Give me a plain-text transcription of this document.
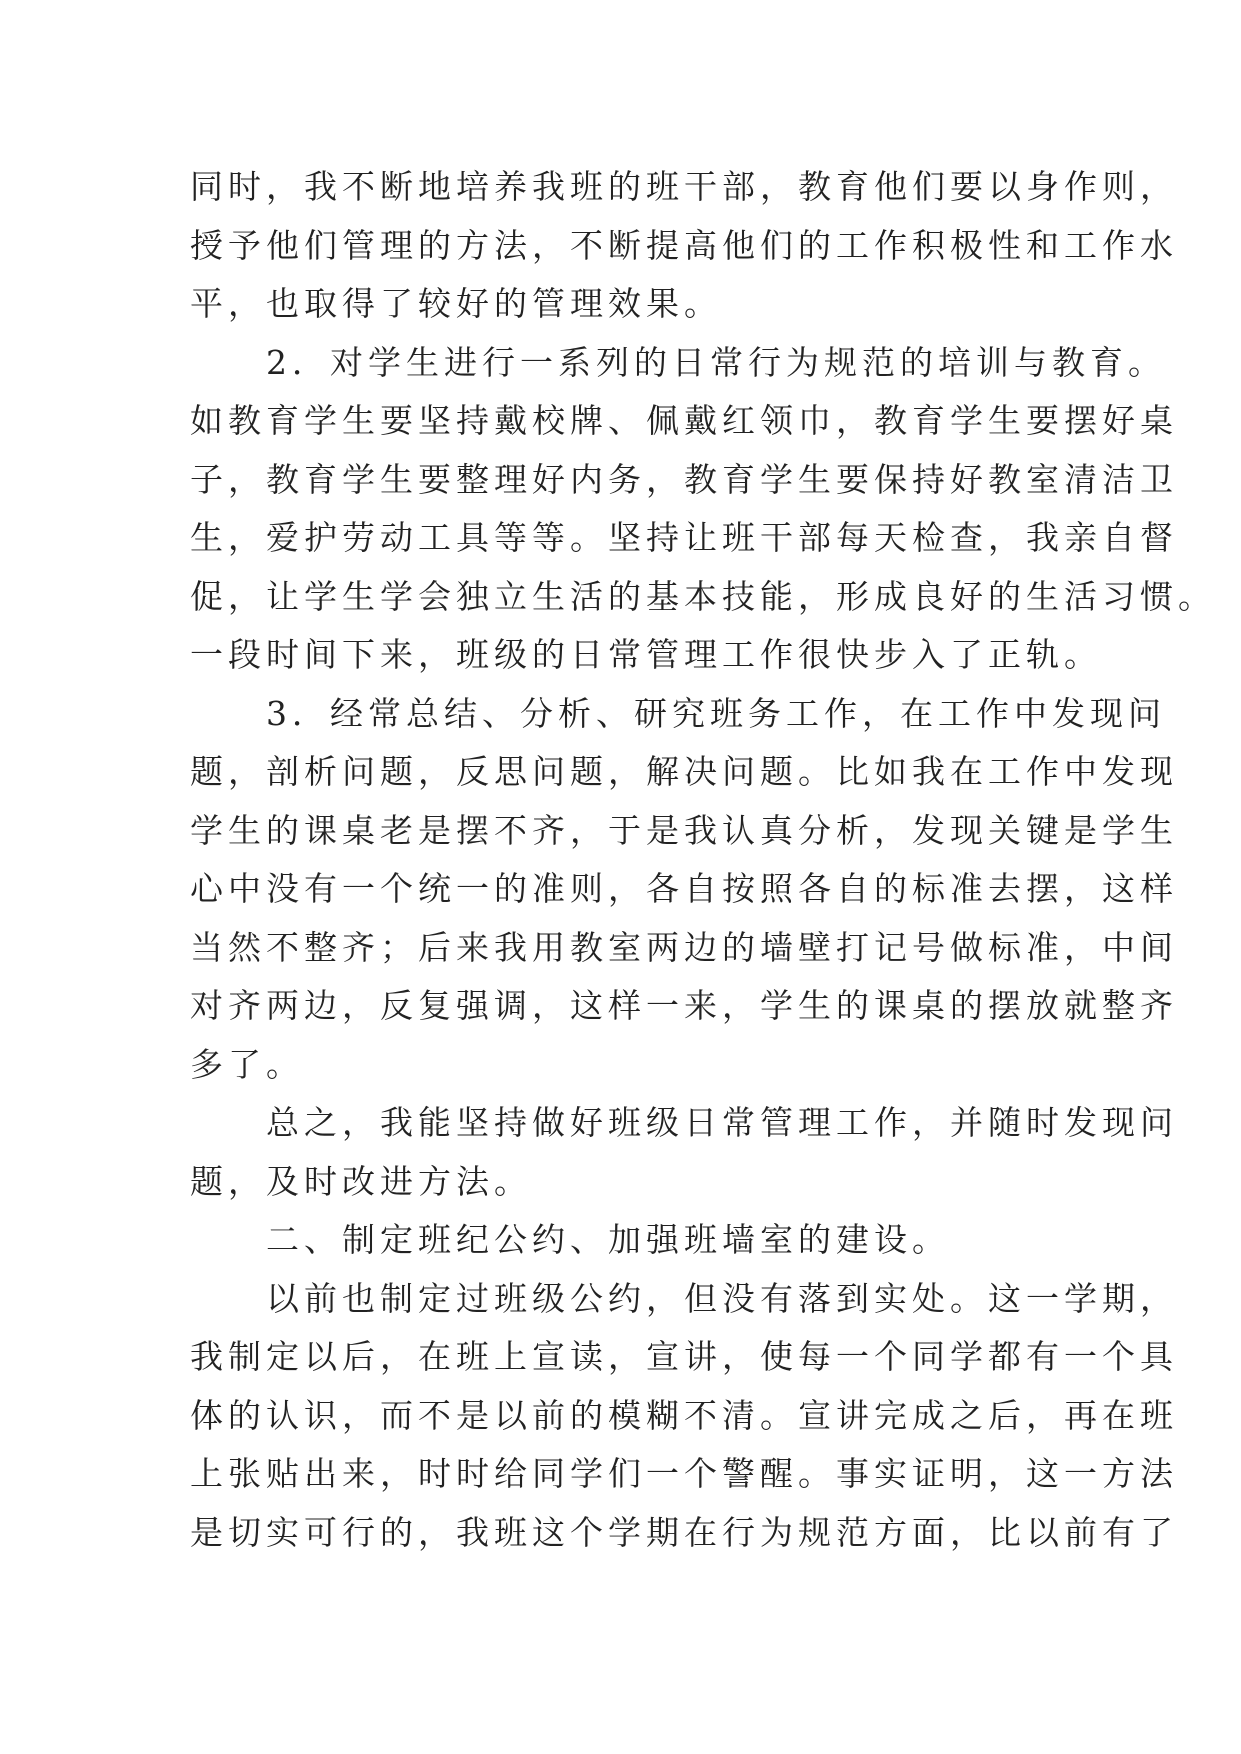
同时，我不断地培养我班的班干部，教育他们要以身作则，
授予他们管理的方法，不断提高他们的工作积极性和工作水
平，也取得了较好的管理效果。
　　2．对学生进行一系列的日常行为规范的培训与教育。
如教育学生要坚持戴校牌、佩戴红领巾，教育学生要摆好桌
子，教育学生要整理好内务，教育学生要保持好教室清洁卫
生，爱护劳动工具等等。坚持让班干部每天检查，我亲自督
促，让学生学会独立生活的基本技能，形成良好的生活习惯。
一段时间下来，班级的日常管理工作很快步入了正轨。
　　3．经常总结、分析、研究班务工作，在工作中发现问
题，剖析问题，反思问题，解决问题。比如我在工作中发现
学生的课桌老是摆不齐，于是我认真分析，发现关键是学生
心中没有一个统一的准则，各自按照各自的标准去摆，这样
当然不整齐；后来我用教室两边的墙壁打记号做标准，中间
对齐两边，反复强调，这样一来，学生的课桌的摆放就整齐
多了。
　　总之，我能坚持做好班级日常管理工作，并随时发现问
题，及时改进方法。
　　二、制定班纪公约、加强班墙室的建设。
　　以前也制定过班级公约，但没有落到实处。这一学期，
我制定以后，在班上宣读，宣讲，使每一个同学都有一个具
体的认识，而不是以前的模糊不清。宣讲完成之后，再在班
上张贴出来，时时给同学们一个警醒。事实证明，这一方法
是切实可行的，我班这个学期在行为规范方面，比以前有了
